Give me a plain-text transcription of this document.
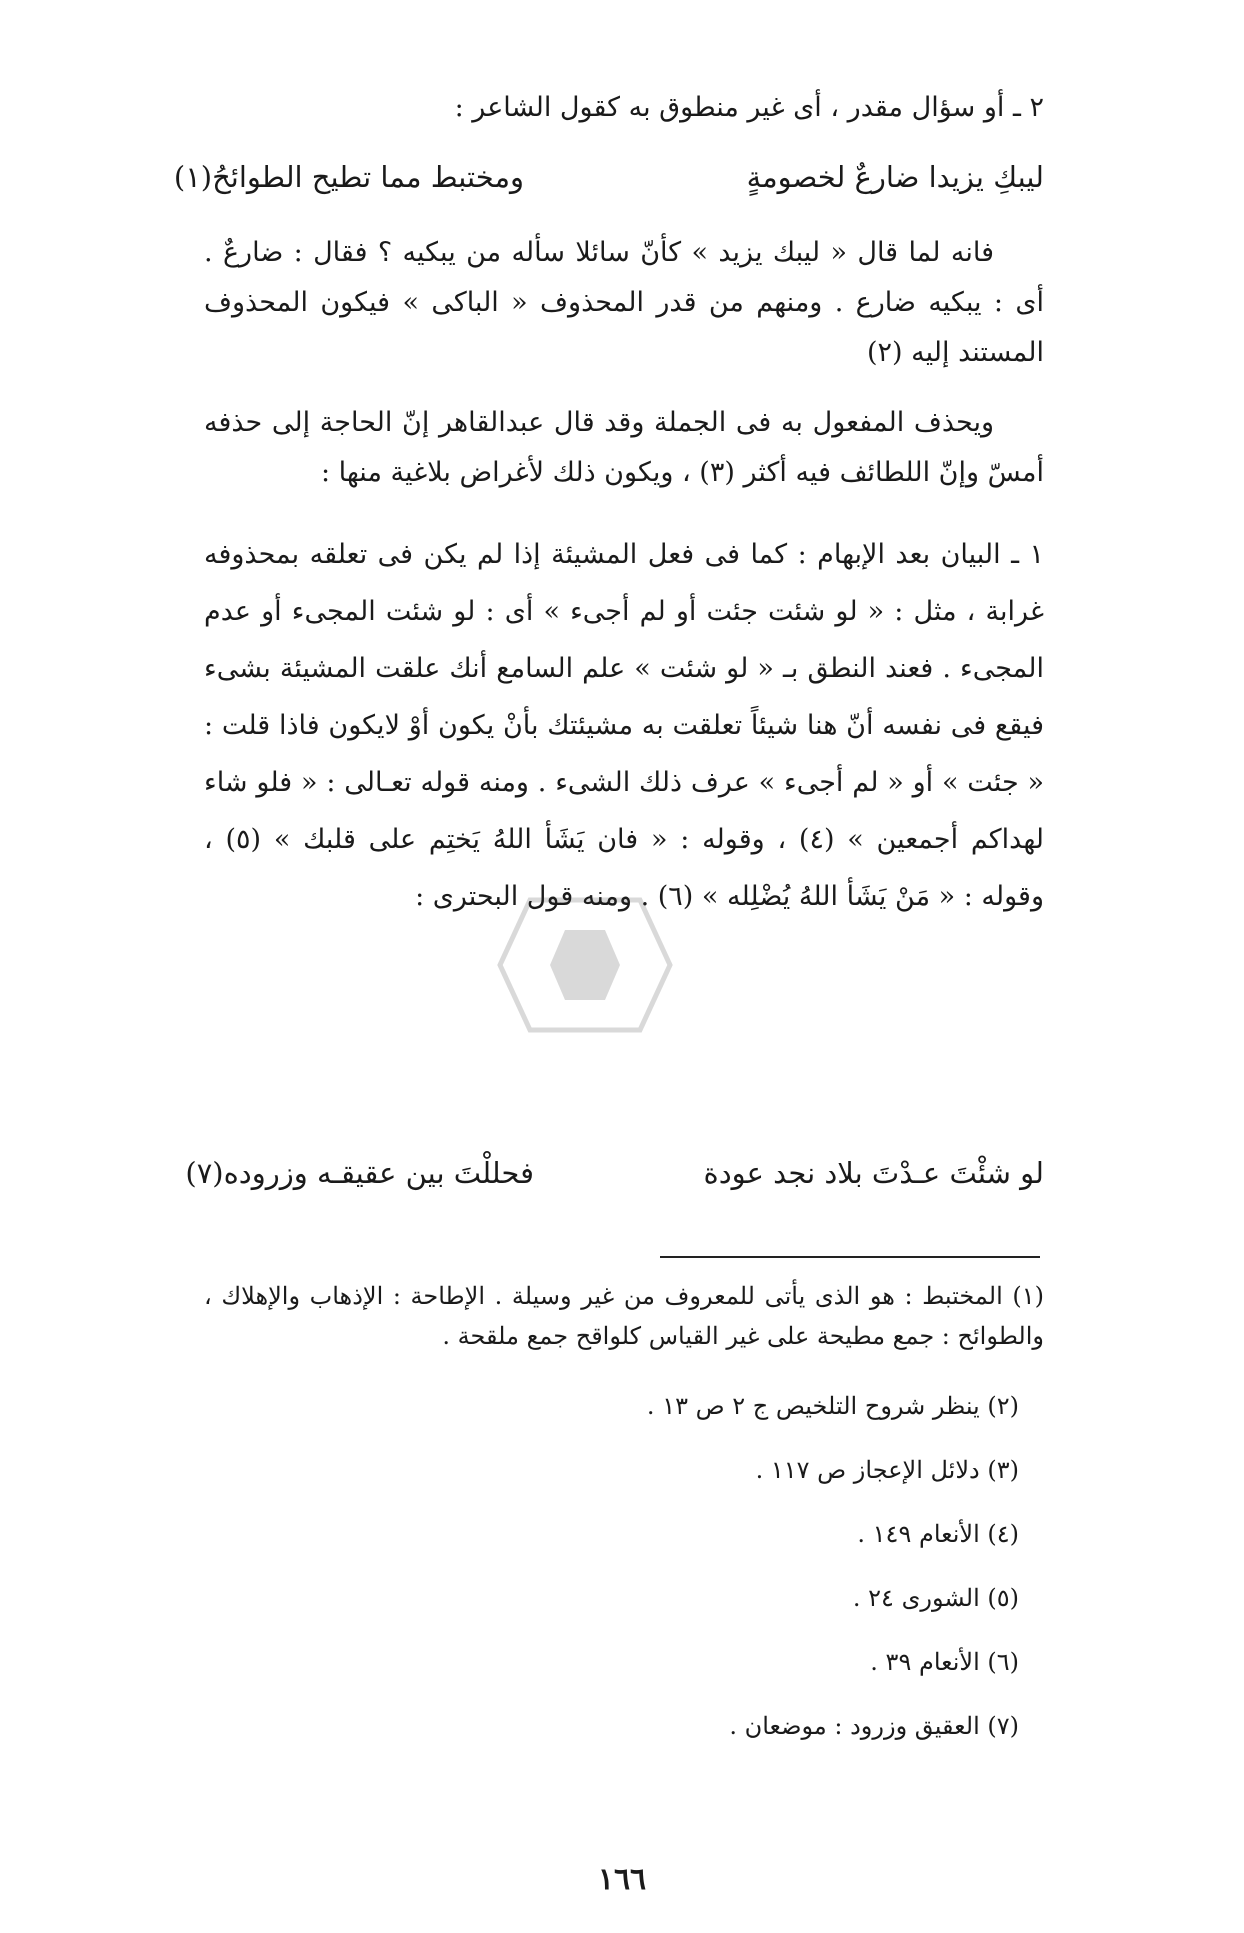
٢ ـ أو سؤال مقدر ، أى غير منطوق به كقول الشاعر :
ليبكِ يزيدا ضارعٌ لخصومةٍ
ومختبط مما تطيح الطوائحُ(١)
فانه لما قال « ليبك يزيد » كأنّ سائلا سأله من يبكيه ؟ فقال : ضارعٌ . أى : يبكيه ضارع . ومنهم من قدر المحذوف « الباكى » فيكون المحذوف المستند إليه (٢)
ويحذف المفعول به فى الجملة وقد قال عبدالقاهر إنّ الحاجة إلى حذفه أمسّ وإنّ اللطائف فيه أكثر (٣) ، ويكون ذلك لأغراض بلاغية منها :
١ ـ البيان بعد الإبهام : كما فى فعل المشيئة إذا لم يكن فى تعلقه بمحذوفه غرابة ، مثل : « لو شئت جئت أو لم أجىء » أى : لو شئت المجىء أو عدم المجىء . فعند النطق بـ « لو شئت » علم السامع أنك علقت المشيئة بشىء فيقع فى نفسه أنّ هنا شيئاً تعلقت به مشيئتك بأنْ يكون أوْ لايكون فاذا قلت : « جئت » أو « لم أجىء » عرف ذلك الشىء . ومنه قوله تعـالى : « فلو شاء لهداكم أجمعين » (٤) ، وقوله : « فان يَشَأ اللهُ يَختِم على قلبك » (٥) ، وقوله : « مَنْ يَشَأ اللهُ يُضْلِله » (٦) . ومنه قول البحترى :
لو شئْتَ عـدْتَ بلاد نجد عودة
فحللْتَ بين عقيقـه وزروده(٧)
(١) المختبط : هو الذى يأتى للمعروف من غير وسيلة . الإطاحة : الإذهاب والإهلاك ، والطوائح : جمع مطيحة على غير القياس كلواقح جمع ملقحة .
(٢) ينظر شروح التلخيص ج ٢ ص ١٣ .
(٣) دلائل الإعجاز ص ١١٧ .
(٤) الأنعام ١٤٩ .
(٥) الشورى ٢٤ .
(٦) الأنعام ٣٩ .
(٧) العقيق وزرود : موضعان .
١٦٦
